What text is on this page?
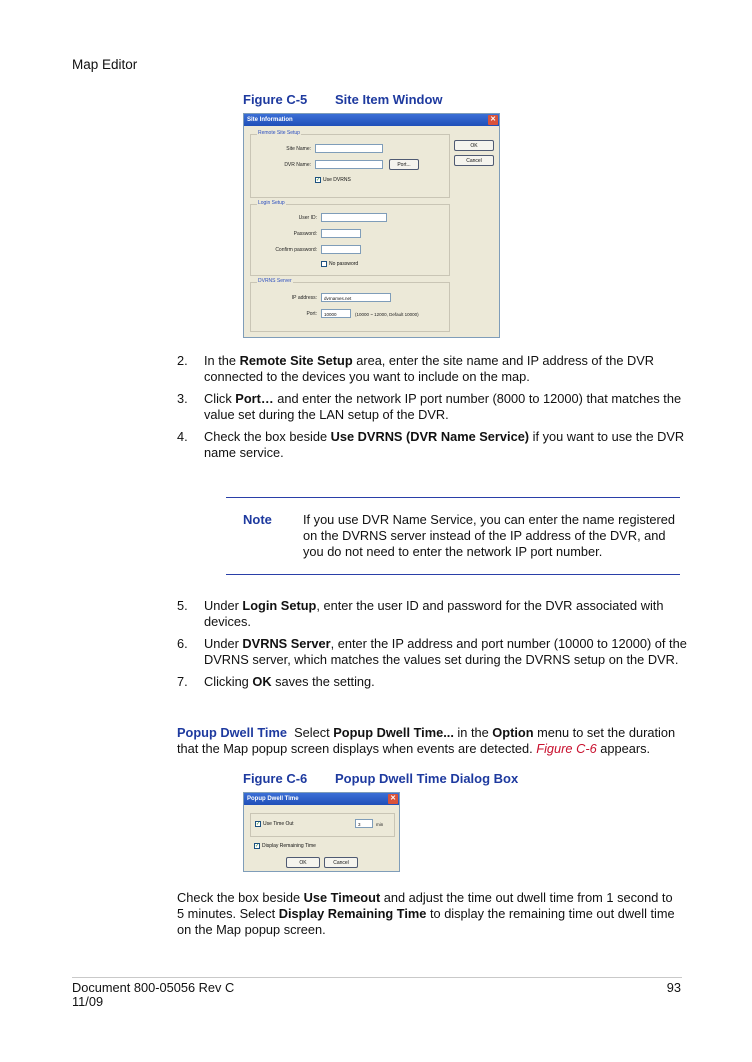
Map Editor
Figure C-5 Site Item Window
Site Information	✕
Remote Site Setup
Site Name:
DVR Name:	Port...
✓ Use DVRNS
OK
Cancel
Login Setup
User ID:
Password:
Confirm password:
No password
DVRNS Server
IP address:	dvrnames.net
Port:	10000	(10000 ~ 12000, Default 10000)
2. In the Remote Site Setup area, enter the site name and IP address of the DVR connected to the devices you want to include on the map.
3. Click Port… and enter the network IP port number (8000 to 12000) that matches the value set during the LAN setup of the DVR.
4. Check the box beside Use DVRNS (DVR Name Service) if you want to use the DVR name service.
Note If you use DVR Name Service, you can enter the name registered on the DVRNS server instead of the IP address of the DVR, and you do not need to enter the network IP port number.
5. Under Login Setup, enter the user ID and password for the DVR associated with devices.
6. Under DVRNS Server, enter the IP address and port number (10000 to 12000) of the DVRNS server, which matches the values set during the DVRNS setup on the DVR.
7. Clicking OK saves the setting.
Popup Dwell Time Select Popup Dwell Time... in the Option menu to set the duration that the Map popup screen displays when events are detected. Figure C-6 appears.
Figure C-6 Popup Dwell Time Dialog Box
Popup Dwell Time	✕
✓ Use Time Out	3	min
✓ Display Remaining Time
OK	Cancel
Check the box beside Use Timeout and adjust the time out dwell time from 1 second to 5 minutes. Select Display Remaining Time to display the remaining time out dwell time on the Map popup screen.
Document 800-05056 Rev C
11/09
93
